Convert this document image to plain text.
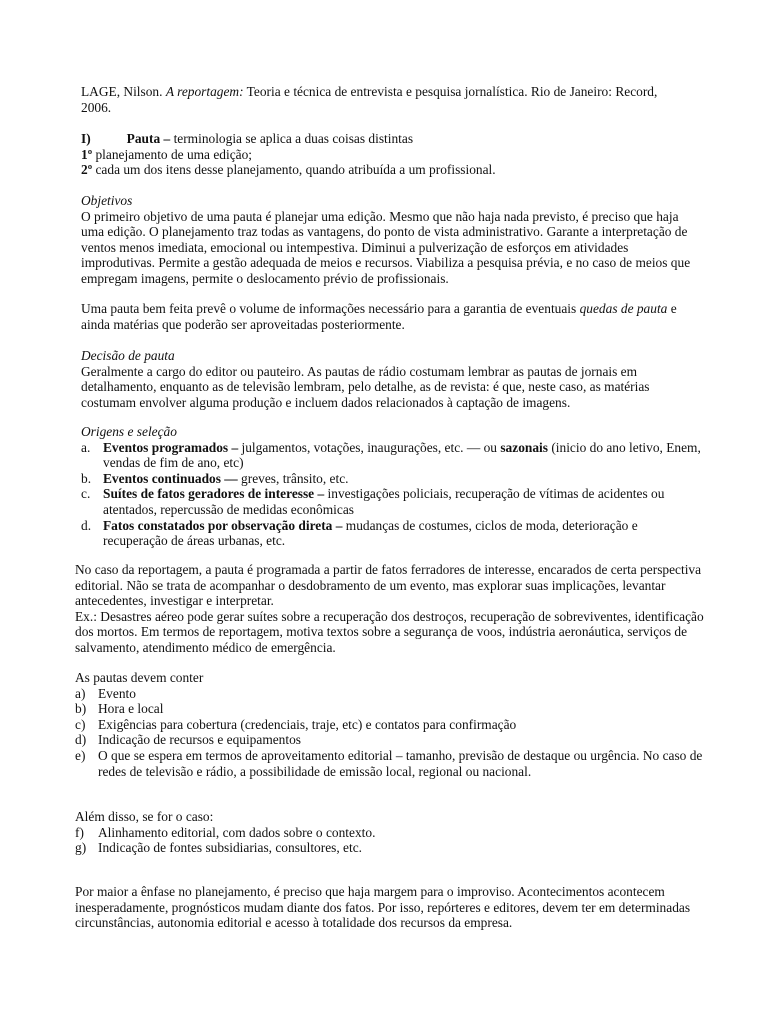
LAGE, Nilson. A reportagem: Teoria e técnica de entrevista e pesquisa jornalística. Rio de Janeiro: Record, 2006.

I)	Pauta – terminologia se aplica a duas coisas distintas
1º planejamento de uma edição;
2º cada um dos itens desse planejamento, quando atribuída a um profissional.
Objetivos
O primeiro objetivo de uma pauta é planejar uma edição. Mesmo que não haja nada previsto, é preciso que haja uma edição. O planejamento traz todas as vantagens, do ponto de vista administrativo. Garante a interpretação de ventos menos imediata, emocional ou intempestiva. Diminui a pulverização de esforços em atividades improdutivas. Permite a gestão adequada de meios e recursos. Viabiliza a pesquisa prévia, e no caso de meios que empregam imagens, permite o deslocamento prévio de profissionais.

Uma pauta bem feita prevê o volume de informações necessário para a garantia de eventuais quedas de pauta e ainda matérias que poderão ser aproveitadas posteriormente.

Decisão de pauta
Geralmente a cargo do editor ou pauteiro. As pautas de rádio costumam lembrar as pautas de jornais em detalhamento, enquanto as de televisão lembram, pelo detalhe, as de revista: é que, neste caso, as matérias costumam envolver alguma produção e incluem dados relacionados à captação de imagens.
Origens e seleção
a. Eventos programados – julgamentos, votações, inaugurações, etc. — ou sazonais (inicio do ano letivo, Enem, vendas de fim de ano, etc)
b. Eventos continuados — greves, trânsito, etc.
c. Suítes de fatos geradores de interesse – investigações policiais, recuperação de vítimas de acidentes ou atentados, repercussão de medidas econômicas
d. Fatos constatados por observação direta – mudanças de costumes, ciclos de moda, deterioração e recuperação de áreas urbanas, etc.
No caso da reportagem, a pauta é programada a partir de fatos ferradores de interesse, encarados de certa perspectiva editorial. Não se trata de acompanhar o desdobramento de um evento, mas explorar suas implicações, levantar antecedentes, investigar e interpretar.
Ex.: Desastres aéreo pode gerar suítes sobre a recuperação dos destroços, recuperação de sobreviventes, identificação dos mortos. Em termos de reportagem, motiva textos sobre a segurança de voos, indústria aeronáutica, serviços de salvamento, atendimento médico de emergência.
As pautas devem conter
a) Evento
b) Hora e local
c) Exigências para cobertura (credenciais, traje, etc) e contatos para confirmação
d) Indicação de recursos e equipamentos
e) O que se espera em termos de aproveitamento editorial – tamanho, previsão de destaque ou urgência. No caso de redes de televisão e rádio, a possibilidade de emissão local, regional ou nacional.
Além disso, se for o caso:
f) Alinhamento editorial, com dados sobre o contexto.
g) Indicação de fontes subsidiarias, consultores, etc.

Por maior a ênfase no planejamento, é preciso que haja margem para o improviso. Acontecimentos acontecem inesperadamente, prognósticos mudam diante dos fatos. Por isso, repórteres e editores, devem ter em determinadas circunstâncias, autonomia editorial e acesso à totalidade dos recursos da empresa.
